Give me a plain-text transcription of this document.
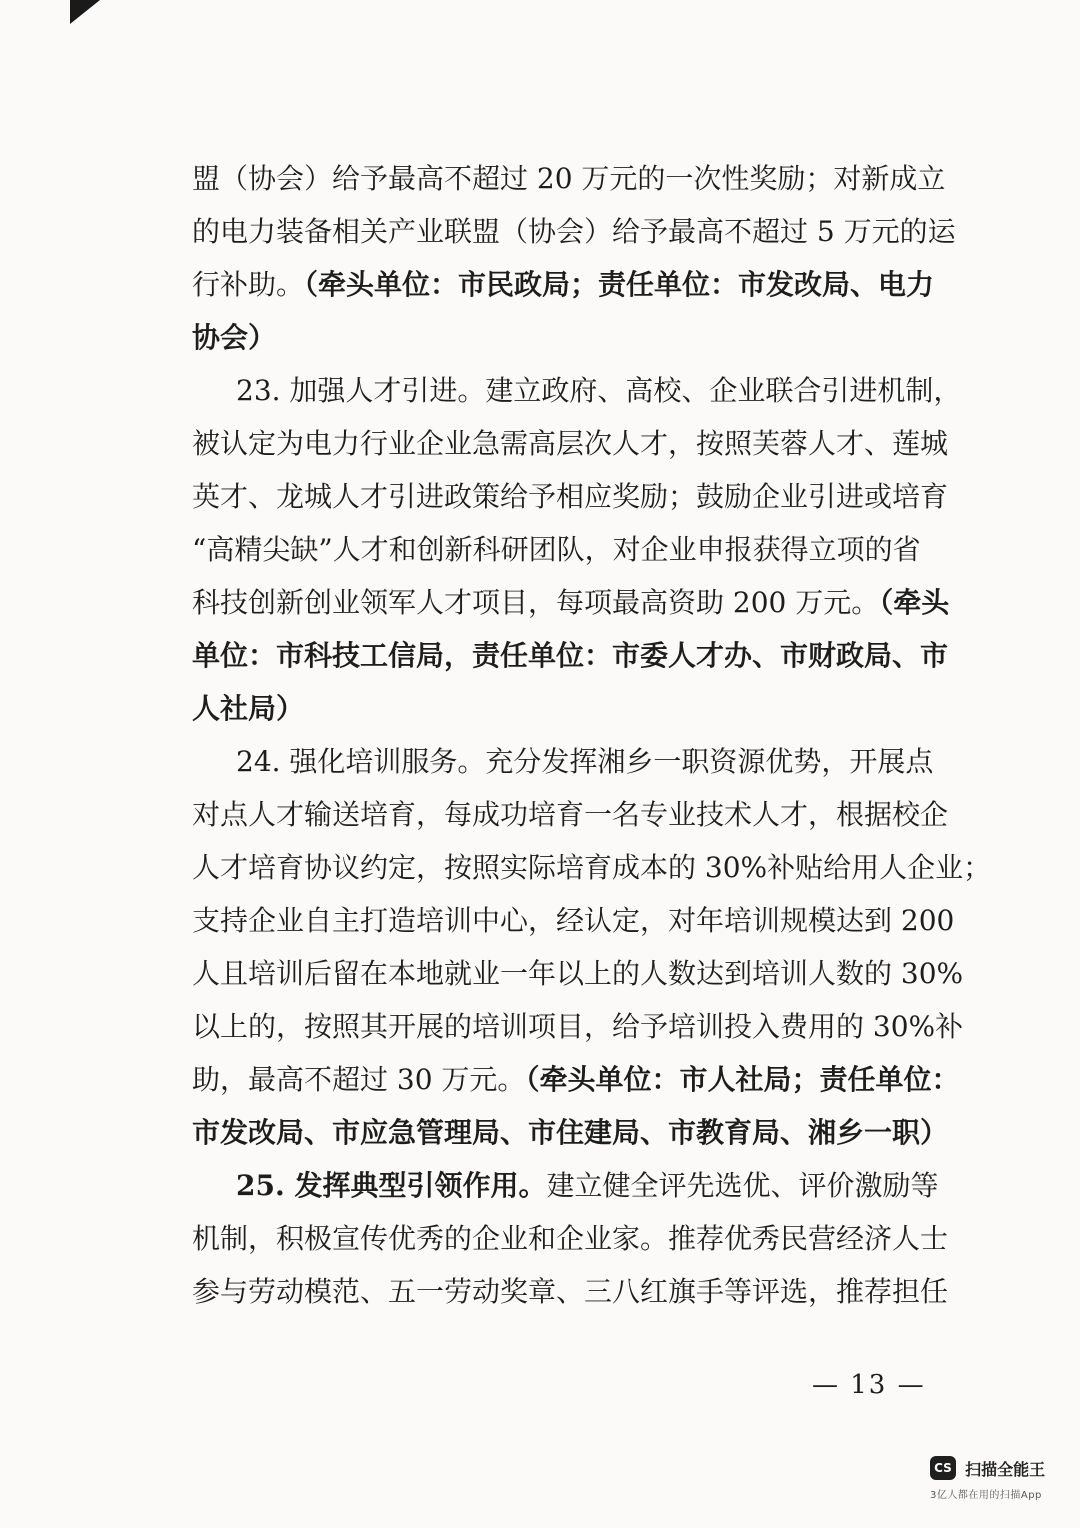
盟（协会）给予最高不超过 20 万元的一次性奖励；对新成立
的电力装备相关产业联盟（协会）给予最高不超过 5 万元的运
行补助。（牵头单位：市民政局；责任单位：市发改局、电力
协会）
23. 加强人才引进。建立政府、高校、企业联合引进机制，
被认定为电力行业企业急需高层次人才，按照芙蓉人才、莲城
英才、龙城人才引进政策给予相应奖励；鼓励企业引进或培育
“高精尖缺”人才和创新科研团队，对企业申报获得立项的省
科技创新创业领军人才项目，每项最高资助 200 万元。（牵头
单位：市科技工信局，责任单位：市委人才办、市财政局、市
人社局）
24. 强化培训服务。充分发挥湘乡一职资源优势，开展点
对点人才输送培育，每成功培育一名专业技术人才，根据校企
人才培育协议约定，按照实际培育成本的 30%补贴给用人企业；
支持企业自主打造培训中心，经认定，对年培训规模达到 200
人且培训后留在本地就业一年以上的人数达到培训人数的 30%
以上的，按照其开展的培训项目，给予培训投入费用的 30%补
助，最高不超过 30 万元。（牵头单位：市人社局；责任单位：
市发改局、市应急管理局、市住建局、市教育局、湘乡一职）
25. 发挥典型引领作用。建立健全评先选优、评价激励等
机制，积极宣传优秀的企业和企业家。推荐优秀民营经济人士
参与劳动模范、五一劳动奖章、三八红旗手等评选，推荐担任
— 13 —
CS 扫描全能王
3亿人都在用的扫描App
